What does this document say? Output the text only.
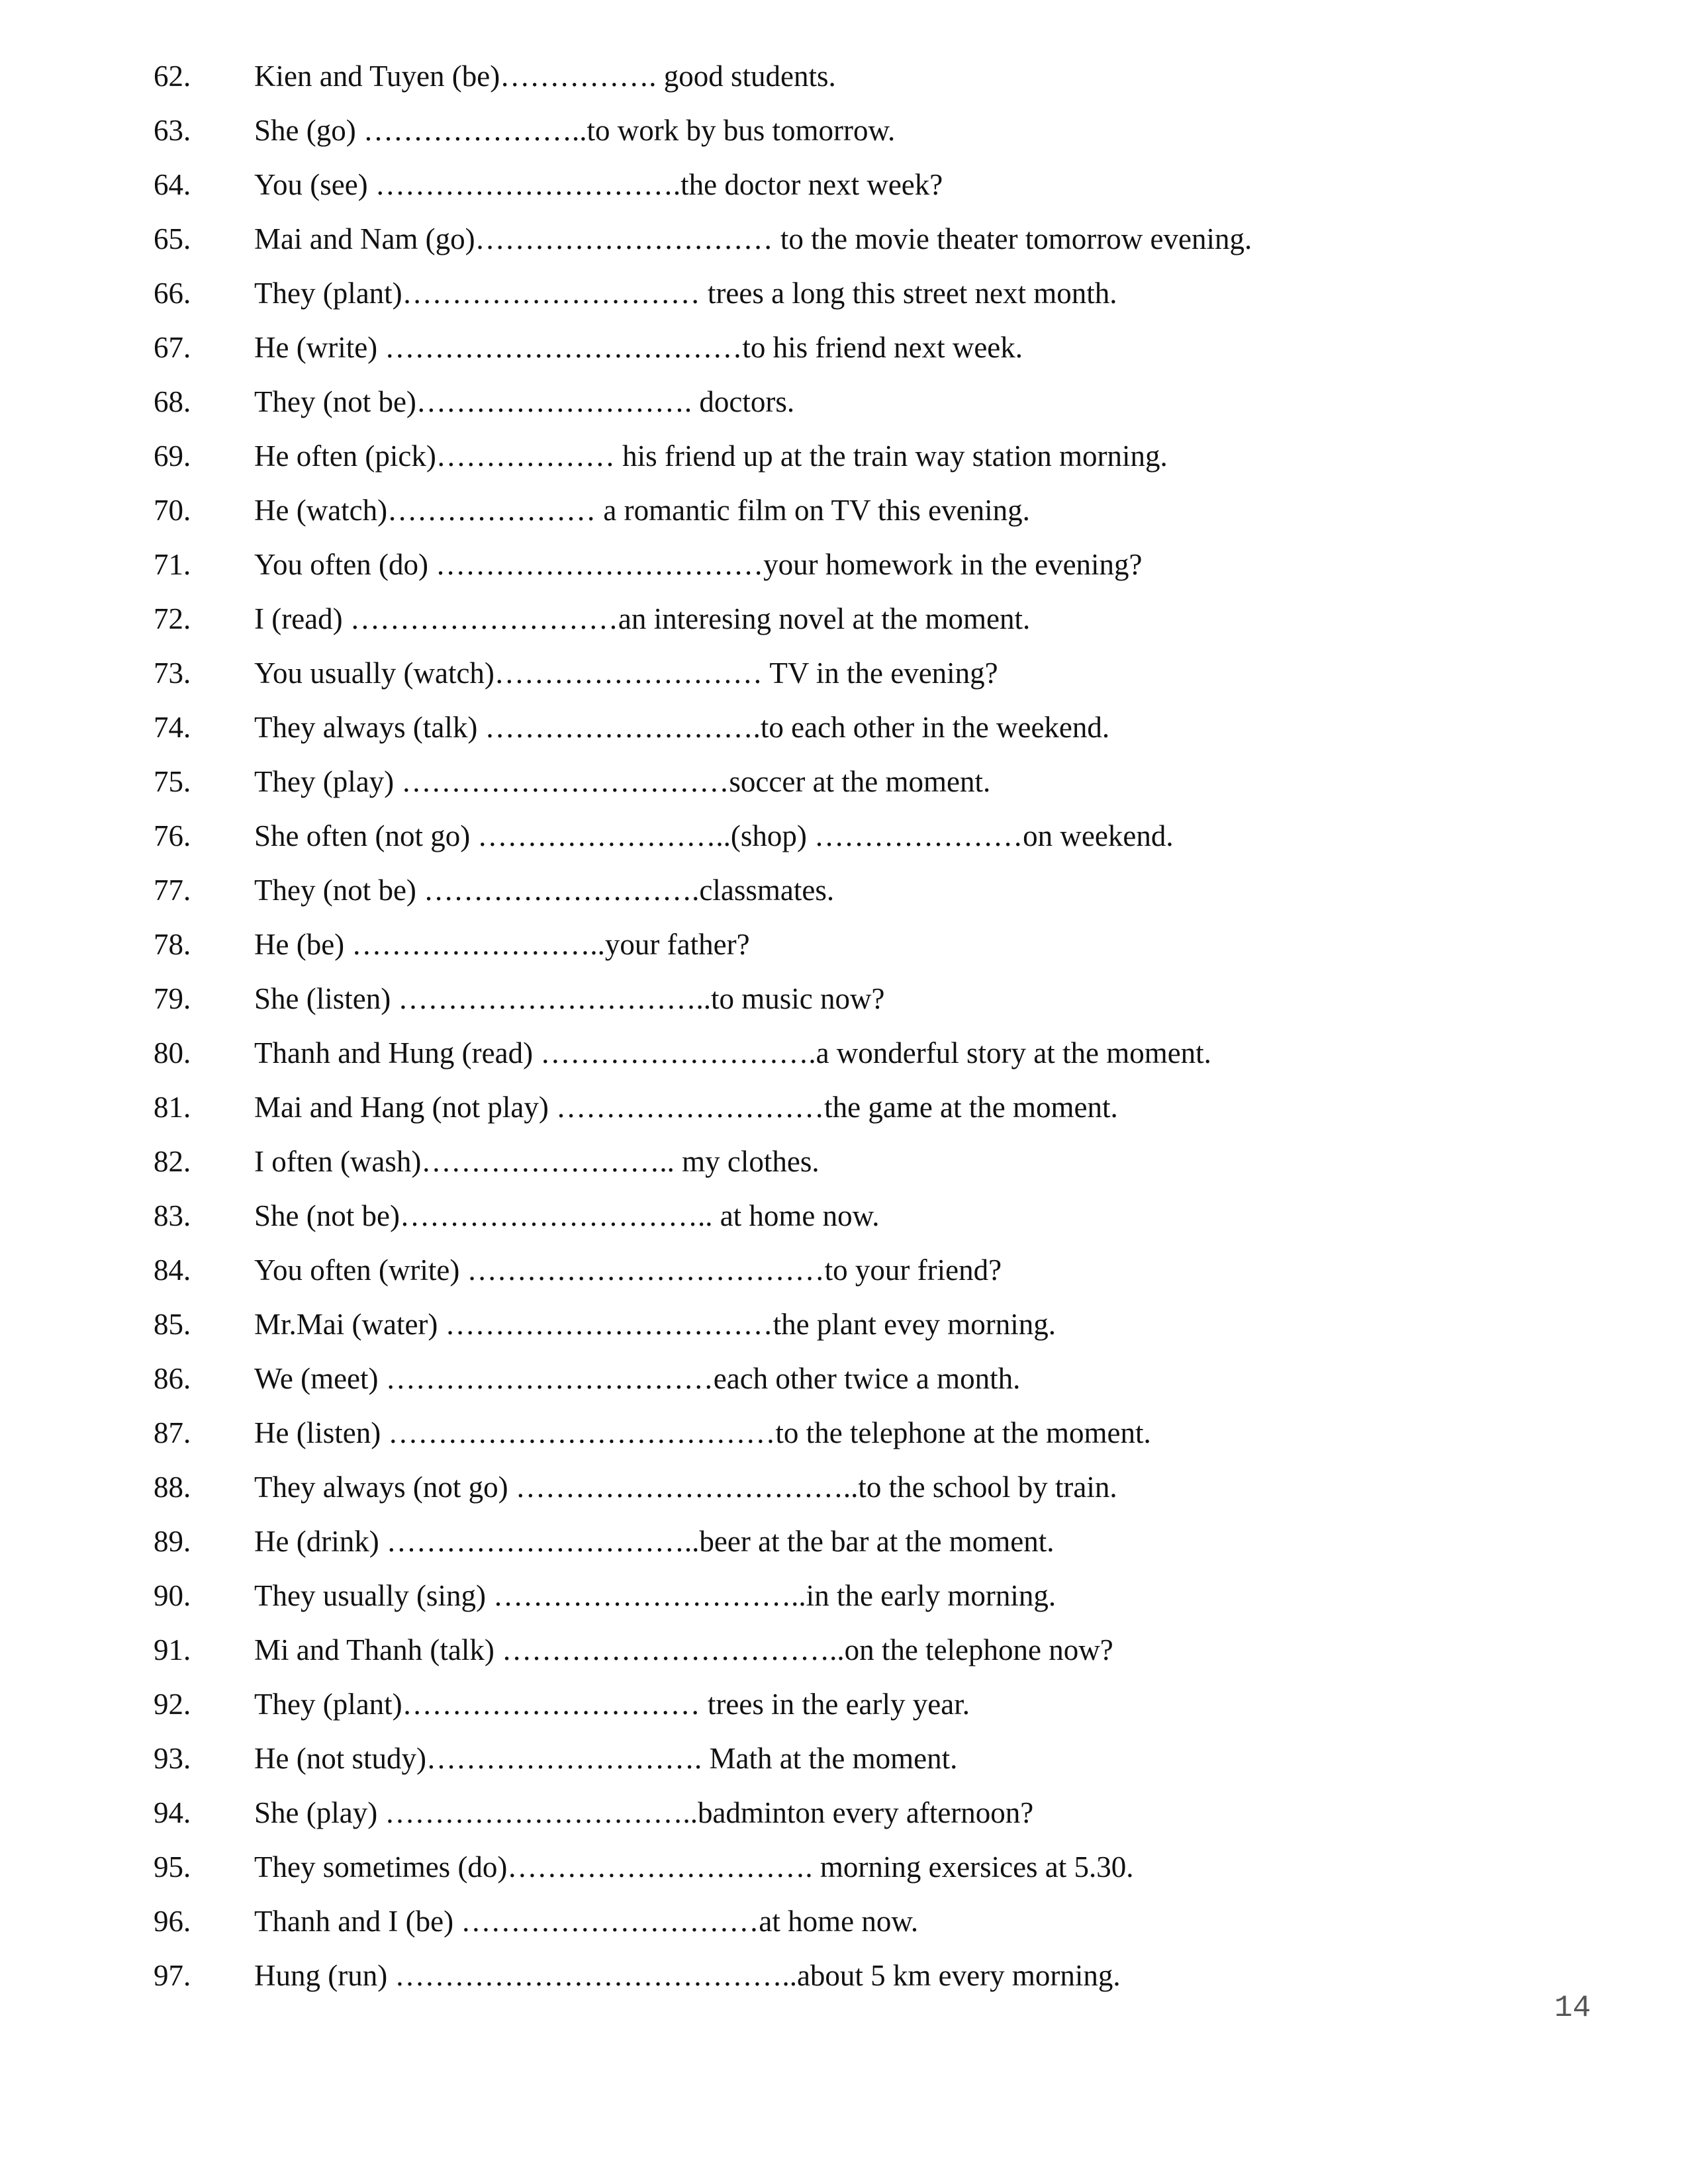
62.	Kien and Tuyen (be)……………. good students.
63.	She (go) …………………..to work by bus tomorrow.
64.	You (see) ………………………….the doctor next week?
65.	Mai and Nam (go)………………………… to the movie theater tomorrow evening.
66.	They (plant)………………………… trees a long this street next month.
67.	He (write) ………………………………to his friend next week.
68.	They (not be)………………………. doctors.
69.	He often (pick)……………… his friend up at the train way station morning.
70.	He (watch)………………… a romantic film on TV this evening.
71.	You often (do) ……………………………your homework in the evening?
72.	I (read) ………………………an interesing novel at the moment.
73.	You usually (watch)……………………… TV in the evening?
74.	They always (talk) ……………………….to each other in the weekend.
75.	They (play) ……………………………soccer at the moment.
76.	She often (not go) ……………………..(shop) …………………on weekend.
77.	They (not be) ……………………….classmates.
78.	He (be) ……………………..your father?
79.	She (listen) …………………………..to music now?
80.	Thanh and Hung (read) ……………………….a wonderful story at the moment.
81.	Mai and Hang (not play) ………………………the game at the moment.
82.	I often (wash)…………………….. my clothes.
83.	She (not be)………………………….. at home now.
84.	You often (write) ………………………………to your friend?
85.	Mr.Mai (water) ……………………………the plant evey morning.
86.	We (meet) ……………………………each other twice a month.
87.	He (listen) …………………………………to the telephone at the moment.
88.	They always (not go) ……………………………..to the school by train.
89.	He (drink) …………………………..beer at the bar at the moment.
90.	They usually (sing) …………………………..in the early morning.
91.	Mi and Thanh (talk) ……………………………..on the telephone now?
92.	They (plant)………………………… trees in the early year.
93.	He (not study)………………………. Math at the moment.
94.	She (play) …………………………..badminton every afternoon?
95.	They sometimes (do)…………………………. morning exersices at 5.30.
96.	Thanh and I (be) …………………………at home now.
97.	Hung (run) …………………………………..about 5 km every morning.
14
